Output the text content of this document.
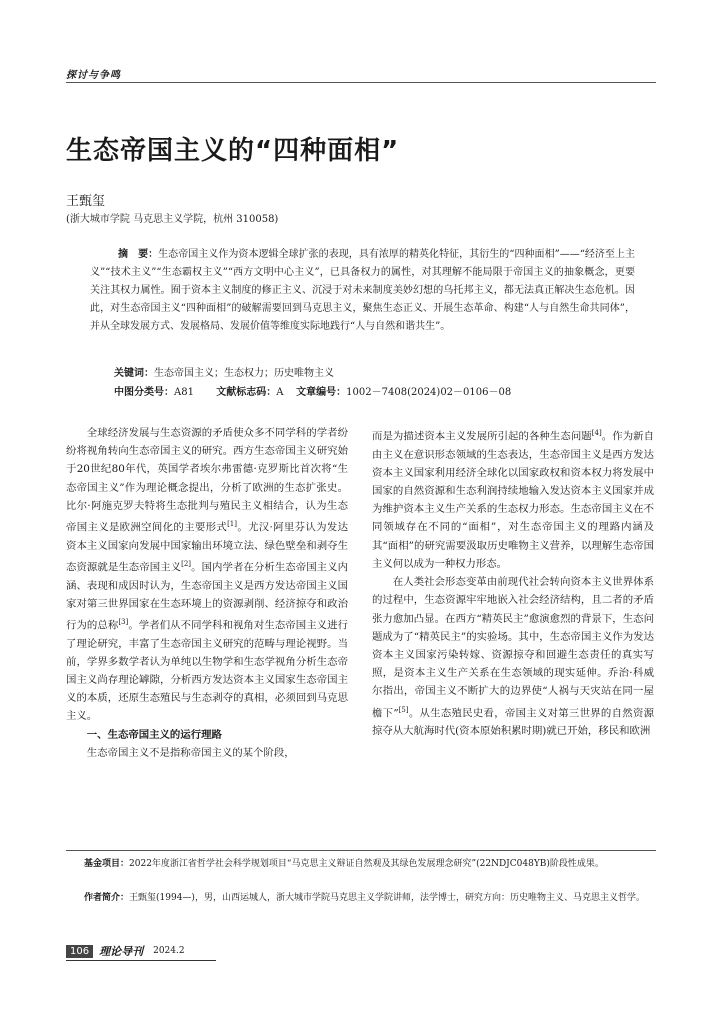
探讨与争鸣
生态帝国主义的“四种面相”
王甄玺
(浙大城市学院 马克思主义学院，杭州 310058)

摘　要：生态帝国主义作为资本逻辑全球扩张的表现，具有浓厚的精英化特征，其衍生的“四种面相”——“经济至上主义”“技术主义”“生态霸权主义”“西方文明中心主义”，已具备权力的属性，对其理解不能局限于帝国主义的抽象概念，更要关注其权力属性。囿于资本主义制度的修正主义、沉浸于对未来制度美妙幻想的乌托邦主义，都无法真正解决生态危机。因此，对生态帝国主义“四种面相”的破解需要回到马克思主义，聚焦生态正义、开展生态革命、构建“人与自然生命共同体”，并从全球发展方式、发展格局、发展价值等维度实际地践行“人与自然和谐共生”。

关键词：生态帝国主义；生态权力；历史唯物主义
中图分类号：A81 文献标志码：A 文章编号：1002－7408(2024)02－0106－08

全球经济发展与生态资源的矛盾使众多不同学科的学者纷纷将视角转向生态帝国主义的研究。西方生态帝国主义研究始于20世纪80年代，英国学者埃尔弗雷德·克罗斯比首次将“生态帝国主义”作为理论概念提出，分析了欧洲的生态扩张史。比尔·阿施克罗夫特将生态批判与殖民主义相结合，认为生态帝国主义是欧洲空间化的主要形式[1]。尤汉·阿里芬认为发达资本主义国家向发展中国家输出环境立法、绿色壁垒和剥夺生态资源就是生态帝国主义[2]。国内学者在分析生态帝国主义内涵、表现和成因时认为，生态帝国主义是西方发达帝国主义国家对第三世界国家在生态环境上的资源剥削、经济掠夺和政治行为的总称[3]。学者们从不同学科和视角对生态帝国主义进行了理论研究，丰富了生态帝国主义研究的范畴与理论视野。当前，学界多数学者认为单纯以生物学和生态学视角分析生态帝国主义尚存理论罅隙，分析西方发达资本主义国家生态帝国主义的本质，还原生态殖民与生态剥夺的真相，必须回到马克思主义。

一、生态帝国主义的运行理路

生态帝国主义不是指称帝国主义的某个阶段，

而是为描述资本主义发展所引起的各种生态问题[4]。作为新自由主义在意识形态领域的生态表达，生态帝国主义是西方发达资本主义国家利用经济全球化以国家政权和资本权力将发展中国家的自然资源和生态利润持续地输入发达资本主义国家并成为维护资本主义生产关系的生态权力形态。生态帝国主义在不同领域存在不同的“面相”，对生态帝国主义的理路内涵及其“面相”的研究需要汲取历史唯物主义营养，以理解生态帝国主义何以成为一种权力形态。

在人类社会形态变革由前现代社会转向资本主义世界体系的过程中，生态资源牢牢地嵌入社会经济结构，且二者的矛盾张力愈加凸显。在西方“精英民主”愈演愈烈的背景下，生态问题成为了“精英民主”的实验场。其中，生态帝国主义作为发达资本主义国家污染转嫁、资源掠夺和回避生态责任的真实写照，是资本主义生产关系在生态领域的现实延伸。乔治·科威尔指出，帝国主义不断扩大的边界使“人祸与天灾站在同一屋檐下”[5]。从生态殖民史看，帝国主义对第三世界的自然资源掠夺从大航海时代(资本原始积累时期)就已开始，移民和欧洲

基金项目：2022年度浙江省哲学社会科学规划项目“马克思主义辩证自然观及其绿色发展理念研究”(22NDJC048YB)阶段性成果。

作者简介：王甄玺(1994—)，男，山西运城人，浙大城市学院马克思主义学院讲师，法学博士，研究方向：历史唯物主义、马克思主义哲学。

106 理论导刊 2024.2
